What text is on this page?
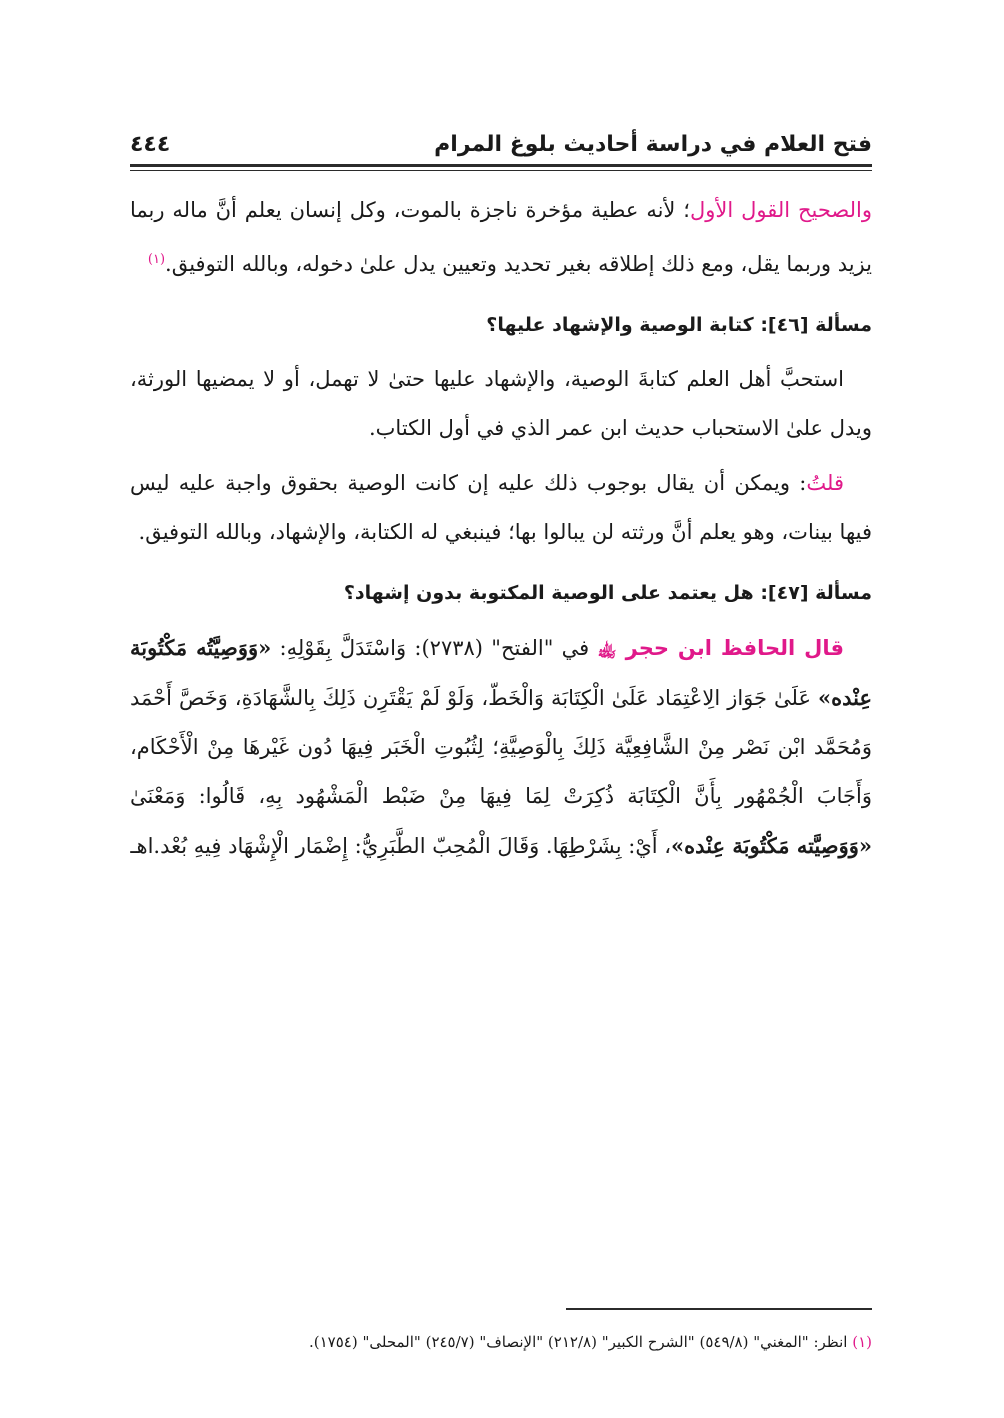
فتح العلام في دراسة أحاديث بلوغ المرام
٤٤٤

والصحيح القول الأول؛ لأنه عطية مؤخرة ناجزة بالموت، وكل إنسان يعلم أنَّ ماله ربما يزيد وربما يقل، ومع ذلك إطلاقه بغير تحديد وتعيين يدل علىٰ دخوله، وبالله التوفيق.$^{(١)}$

مسألة [٤٦]: كتابة الوصية والإشهاد عليها؟

استحبَّ أهل العلم كتابةَ الوصية، والإشهاد عليها حتىٰ لا تهمل، أو لا يمضيها الورثة، ويدل علىٰ الاستحباب حديث ابن عمر الذي في أول الكتاب.

قلتُ: ويمكن أن يقال بوجوب ذلك عليه إن كانت الوصية بحقوق واجبة عليه ليس فيها بينات، وهو يعلم أنَّ ورثته لن يبالوا بها؛ فينبغي له الكتابة، والإشهاد، وبالله التوفيق.

مسألة [٤٧]: هل يعتمد على الوصية المكتوبة بدون إشهاد؟

قال الحافظ ابن حجر ﵀ في "الفتح" (٢٧٣٨): وَاسْتَدَلَّ بِقَوْلِهِ: «وَوَصِيَّتُه مَكْتُوبَة عِنْده» عَلَىٰ جَوَاز الِاعْتِمَاد عَلَىٰ الْكِتَابَة وَالْخَطّ، وَلَوْ لَمْ يَقْتَرِن ذَلِكَ بِالشَّهَادَةِ، وَخَصَّ أَحْمَد وَمُحَمَّد ابْن نَصْر مِنْ الشَّافِعِيَّة ذَلِكَ بِالْوَصِيَّةِ؛ لِثُبُوتِ الْخَبَر فِيهَا دُون غَيْرهَا مِنْ الْأَحْكَام، وَأَجَابَ الْجُمْهُور بِأَنَّ الْكِتَابَة ذُكِرَتْ لِمَا فِيهَا مِنْ ضَبْط الْمَشْهُود بِهِ، قَالُوا: وَمَعْنَىٰ «وَوَصِيَّته مَكْتُوبَة عِنْده»، أَيْ: بِشَرْطِهَا. وَقَالَ الْمُحِبّ الطَّبَرِيُّ: إِضْمَار الْإِشْهَاد فِيهِ بُعْد.اهـ

(١) انظر: "المغني" (٥٤٩/٨) "الشرح الكبير" (٢١٢/٨) "الإنصاف" (٢٤٥/٧) "المحلى" (١٧٥٤).
